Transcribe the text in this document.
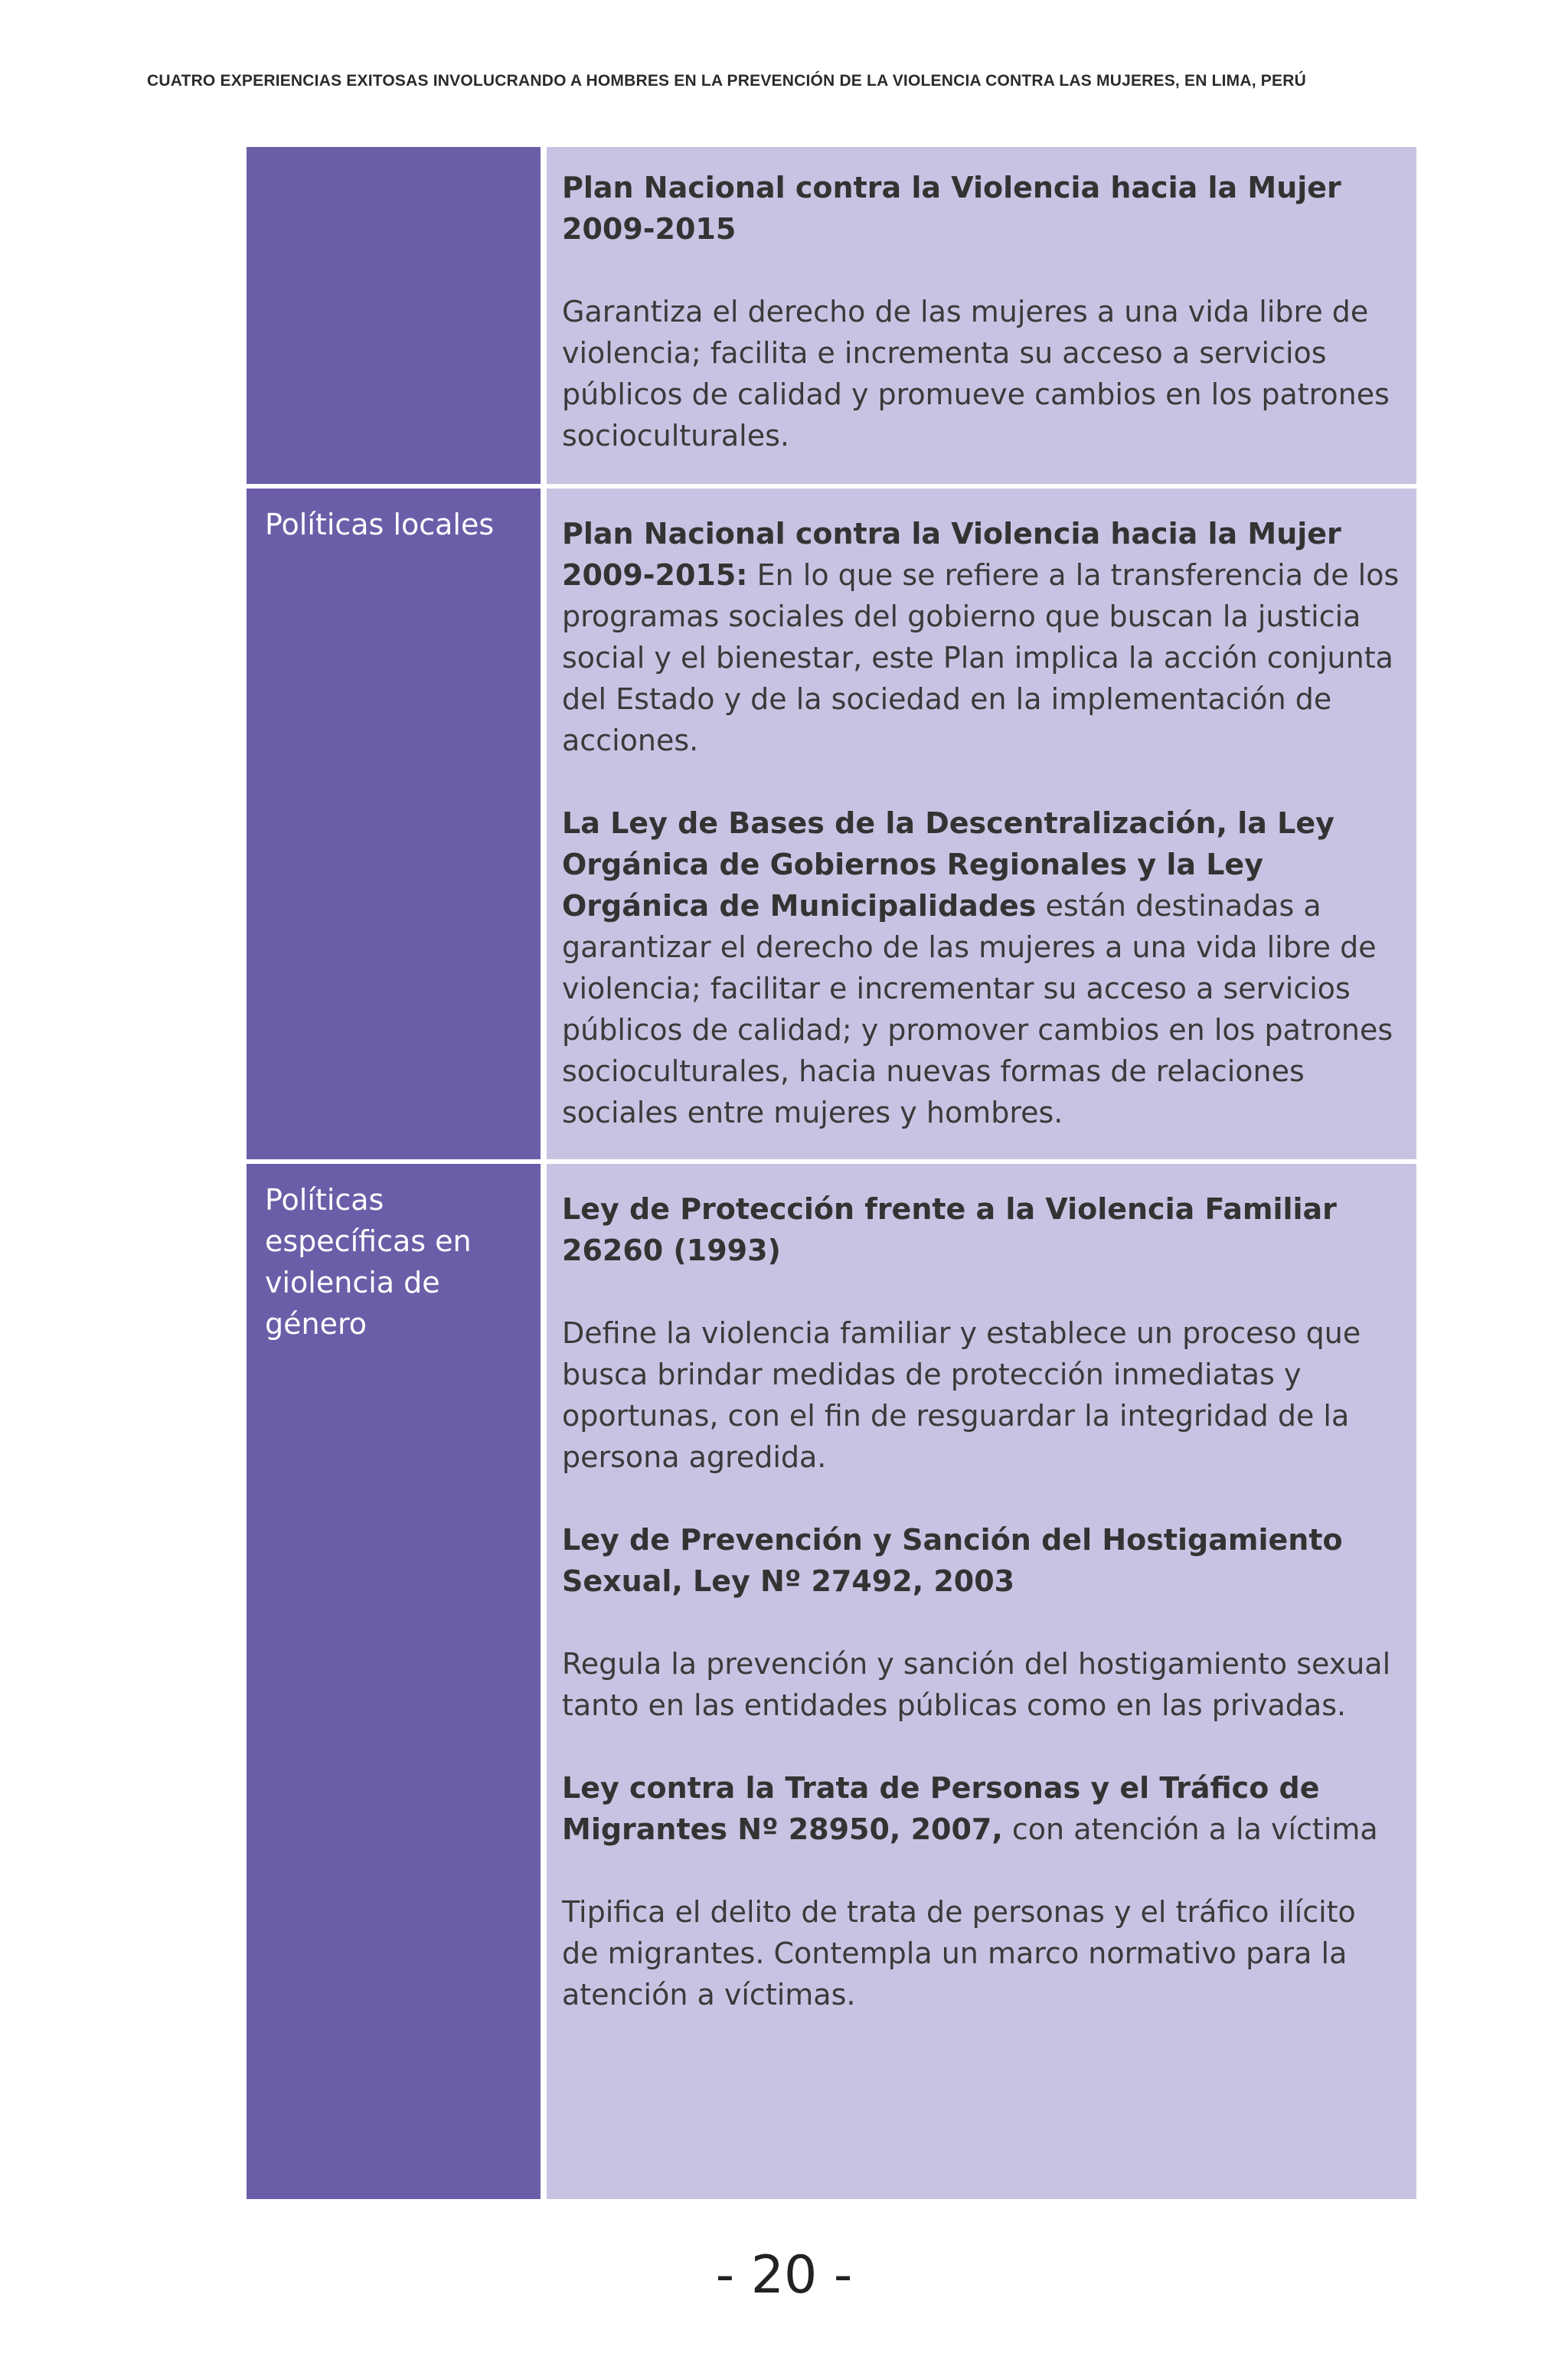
CUATRO EXPERIENCIAS EXITOSAS INVOLUCRANDO A HOMBRES EN LA PREVENCIÓN DE LA VIOLENCIA CONTRA LAS MUJERES, EN LIMA, PERÚ

Plan Nacional contra la Violencia hacia la Mujer 2009-2015

Garantiza el derecho de las mujeres a una vida libre de violencia; facilita e incrementa su acceso a servicios públicos de calidad y promueve cambios en los patrones socioculturales.

Políticas locales	Plan Nacional contra la Violencia hacia la Mujer 2009-2015: En lo que se refiere a la transferencia de los programas sociales del gobierno que buscan la justicia social y el bienestar, este Plan implica la acción conjunta del Estado y de la sociedad en la implementación de acciones.

La Ley de Bases de la Descentralización, la Ley Orgánica de Gobiernos Regionales y la Ley Orgánica de Municipalidades están destinadas a garantizar el derecho de las mujeres a una vida libre de violencia; facilitar e incrementar su acceso a servicios públicos de calidad; y promover cambios en los patrones socioculturales, hacia nuevas formas de relaciones sociales entre mujeres y hombres.

Políticas específicas en violencia de género

Ley de Protección frente a la Violencia Familiar 26260 (1993)

Define la violencia familiar y establece un proceso que busca brindar medidas de protección inmediatas y oportunas, con el fin de resguardar la integridad de la persona agredida.

Ley de Prevención y Sanción del Hostigamiento Sexual, Ley Nº 27492, 2003

Regula la prevención y sanción del hostigamiento sexual tanto en las entidades públicas como en las privadas.

Ley contra la Trata de Personas y el Tráfico de Migrantes Nº 28950, 2007, con atención a la víctima

Tipifica el delito de trata de personas y el tráfico ilícito de migrantes. Contempla un marco normativo para la atención a víctimas.

- 20 -
